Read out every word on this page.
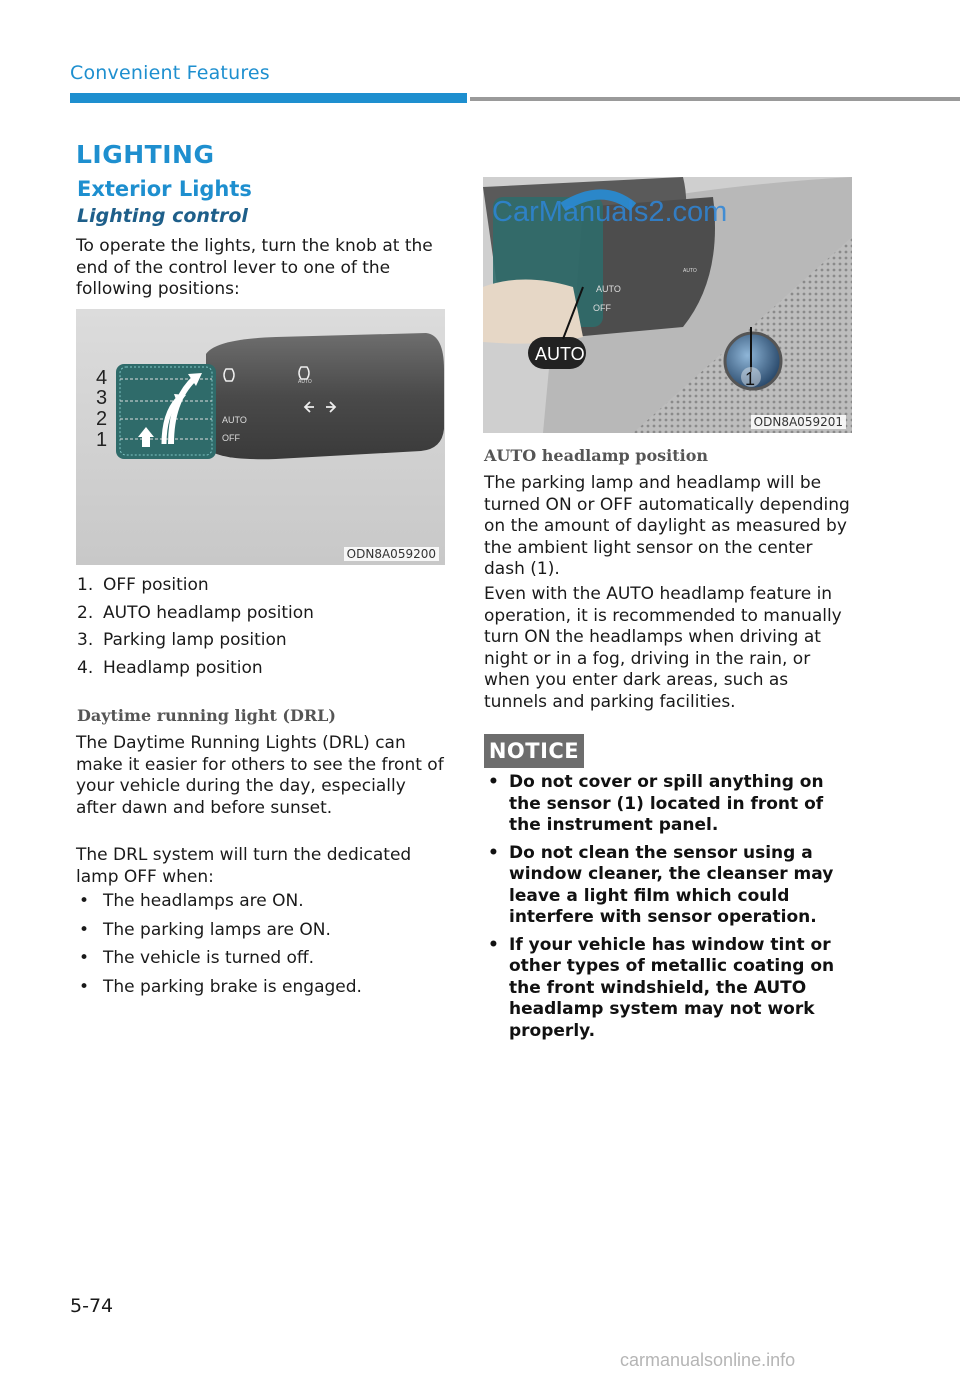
Convenient Features
LIGHTING
Exterior Lights
Lighting control
To operate the lights, turn the knob at the end of the control lever to one of the following positions:
4
3
2
1
AUTO
OFF
AUTO
ODN8A059200
1. OFF position
2. AUTO headlamp position
3. Parking lamp position
4. Headlamp position
Daytime running light (DRL)
The Daytime Running Lights (DRL) can make it easier for others to see the front of your vehicle during the day, especially after dawn and before sunset.
The DRL system will turn the dedicated lamp OFF when:
• The headlamps are ON.
• The parking lamps are ON.
• The vehicle is turned off.
• The parking brake is engaged.
1
AUTO
AUTO
OFF
AUTO
ODN8A059201
CarManuals2.com
AUTO headlamp position
The parking lamp and headlamp will be turned ON or OFF automatically depending on the amount of daylight as measured by the ambient light sensor on the center dash (1).
Even with the AUTO headlamp feature in operation, it is recommended to manually turn ON the headlamps when driving at night or in a fog, driving in the rain, or when you enter dark areas, such as tunnels and parking facilities.
NOTICE
• Do not cover or spill anything on the sensor (1) located in front of the instrument panel.
• Do not clean the sensor using a window cleaner, the cleanser may leave a light film which could interfere with sensor operation.
• If your vehicle has window tint or other types of metallic coating on the front windshield, the AUTO headlamp system may not work properly.
5-74
carmanualsonline.info
